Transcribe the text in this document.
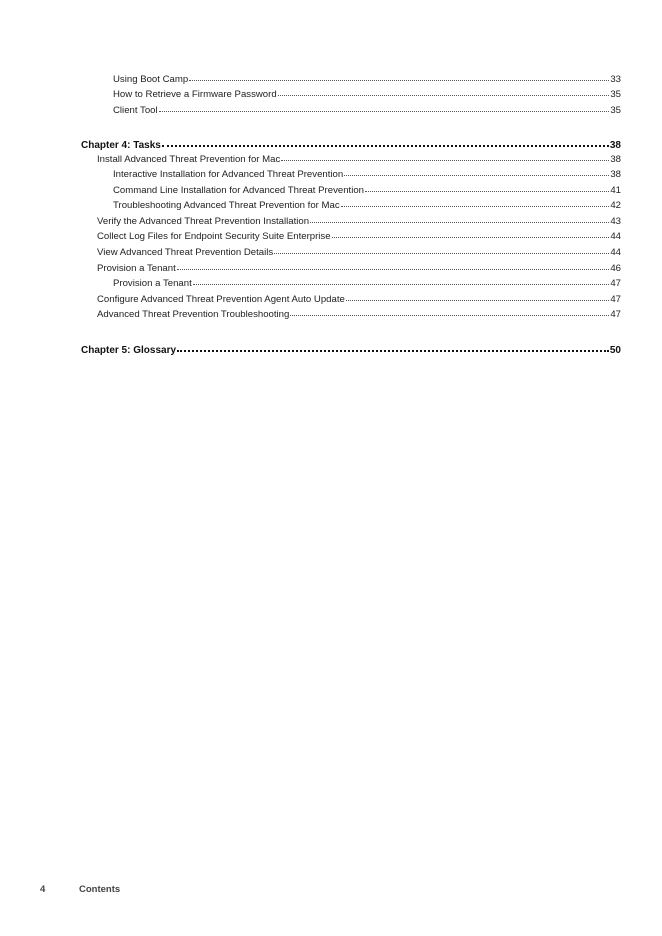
Using Boot Camp	33
How to Retrieve a Firmware Password	35
Client Tool	35
Chapter 4: Tasks	38
Install Advanced Threat Prevention for Mac	38
Interactive Installation for Advanced Threat Prevention	38
Command Line Installation for Advanced Threat Prevention	41
Troubleshooting Advanced Threat Prevention for Mac	42
Verify the Advanced Threat Prevention Installation	43
Collect Log Files for Endpoint Security Suite Enterprise	44
View Advanced Threat Prevention Details	44
Provision a Tenant	46
Provision a Tenant	47
Configure Advanced Threat Prevention Agent Auto Update	47
Advanced Threat Prevention Troubleshooting	47
Chapter 5: Glossary	50
4	Contents
